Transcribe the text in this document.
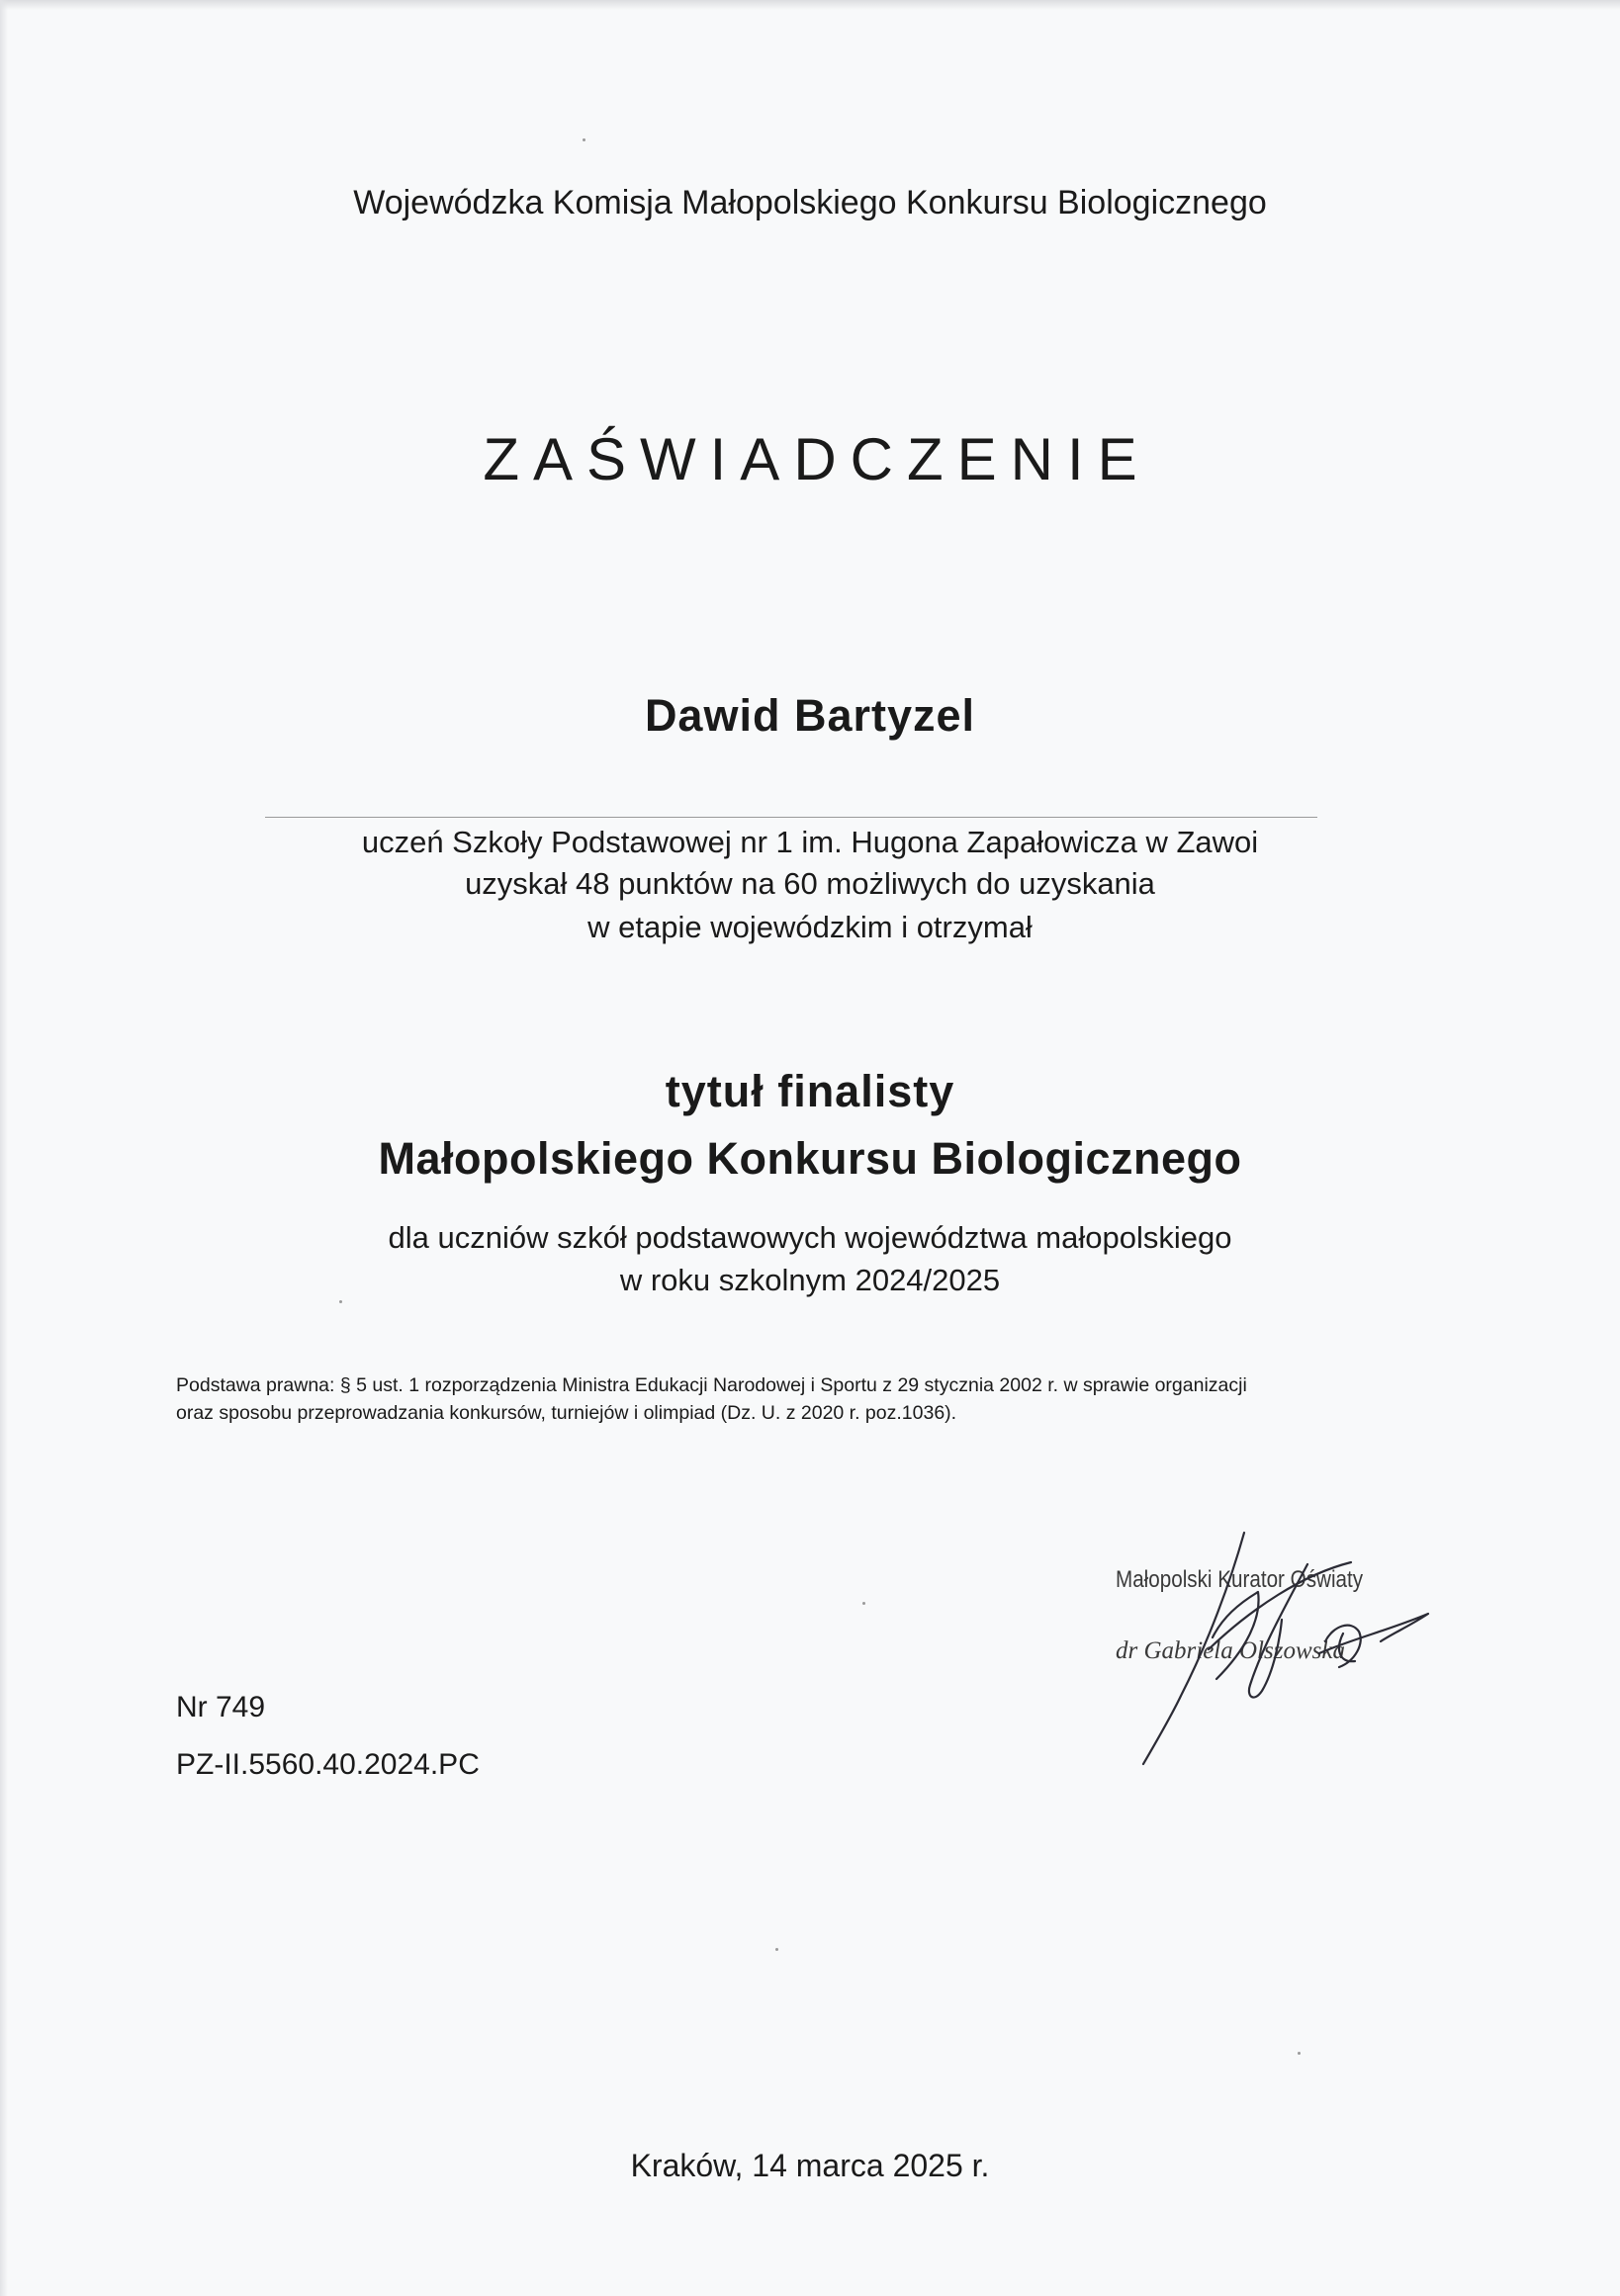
Wojewódzka Komisja Małopolskiego Konkursu Biologicznego
ZAŚWIADCZENIE
Dawid Bartyzel
uczeń Szkoły Podstawowej nr 1 im. Hugona Zapałowicza w Zawoi
uzyskał 48 punktów na 60 możliwych do uzyskania
w etapie wojewódzkim i otrzymał
tytuł finalisty
Małopolskiego Konkursu Biologicznego
dla uczniów szkół podstawowych województwa małopolskiego
w roku szkolnym 2024/2025
Podstawa prawna: § 5 ust. 1 rozporządzenia Ministra Edukacji Narodowej i Sportu z 29 stycznia 2002 r. w sprawie organizacji
oraz sposobu przeprowadzania konkursów, turniejów i olimpiad (Dz. U. z 2020 r. poz.1036).
Małopolski Kurator Oświaty
dr Gabriela Olszowska
Nr 749
PZ-II.5560.40.2024.PC
Kraków, 14 marca 2025 r.
